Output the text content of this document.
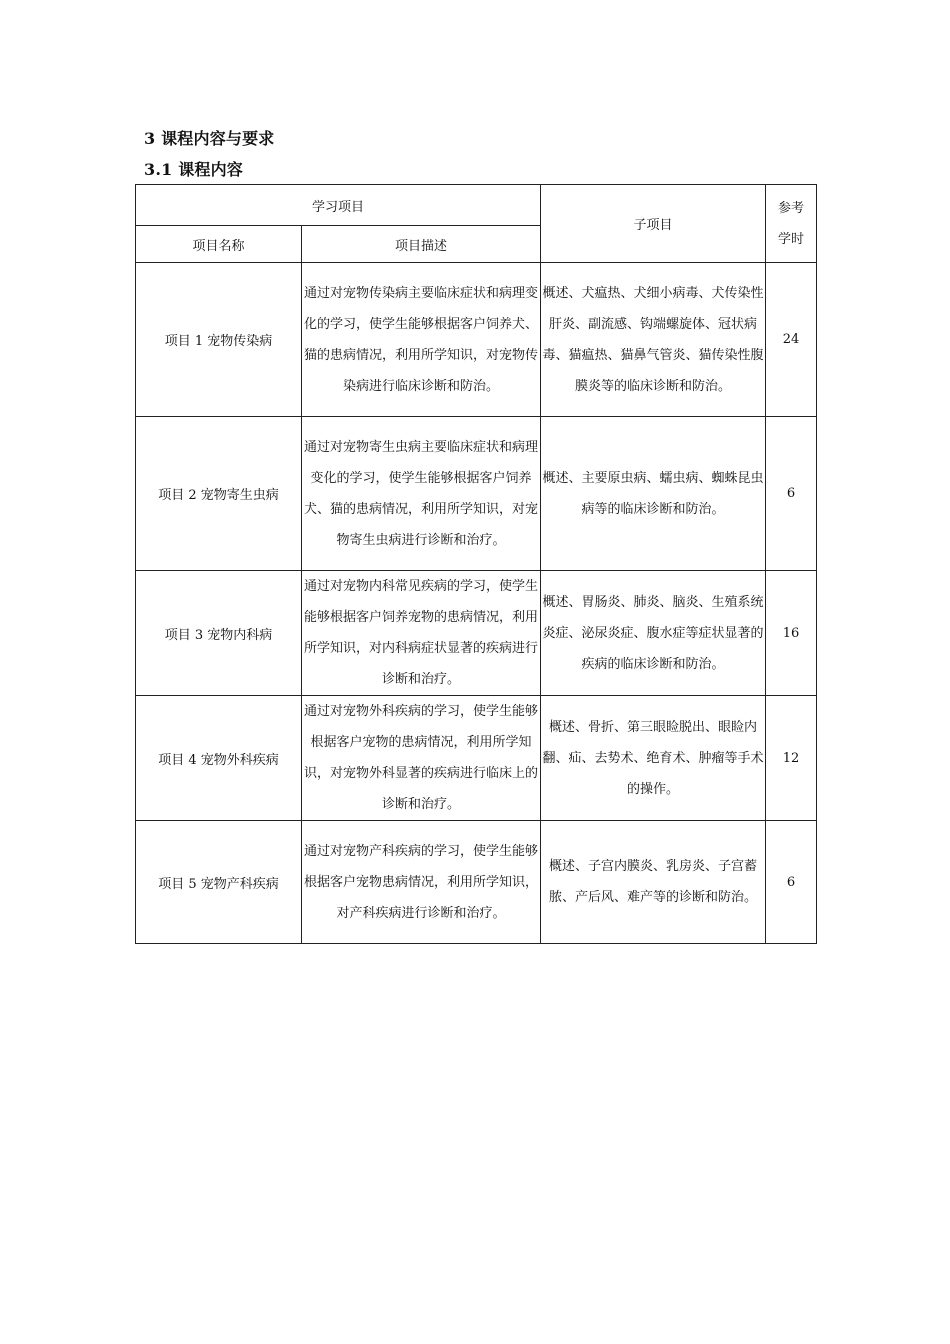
3 课程内容与要求
3.1 课程内容
学习项目		子项目	参考
学时

项目名称	项目描述		
项目 1 宠物传染病	通过对宠物传染病主要临床症状和病理变化的学习，使学生能够根据客户饲养犬、猫的患病情况，利用所学知识，对宠物传染病进行临床诊断和防治。	概述、犬瘟热、犬细小病毒、犬传染性肝炎、副流感、钩端螺旋体、冠状病毒、猫瘟热、猫鼻气管炎、猫传染性腹膜炎等的临床诊断和防治。	24
项目 2 宠物寄生虫病	通过对宠物寄生虫病主要临床症状和病理变化的学习，使学生能够根据客户饲养犬、猫的患病情况，利用所学知识，对宠物寄生虫病进行诊断和治疗。	概述、主要原虫病、蠕虫病、蜘蛛昆虫病等的临床诊断和防治。	6
项目 3 宠物内科病	通过对宠物内科常见疾病的学习，使学生能够根据客户饲养宠物的患病情况，利用所学知识，对内科病症状显著的疾病进行诊断和治疗。	概述、胃肠炎、肺炎、脑炎、生殖系统炎症、泌尿炎症、腹水症等症状显著的疾病的临床诊断和防治。	16
项目 4 宠物外科疾病	通过对宠物外科疾病的学习，使学生能够根据客户宠物的患病情况，利用所学知识，对宠物外科显著的疾病进行临床上的诊断和治疗。	概述、骨折、第三眼睑脱出、眼睑内翻、疝、去势术、绝育术、肿瘤等手术的操作。	12
项目 5 宠物产科疾病	通过对宠物产科疾病的学习，使学生能够根据客户宠物患病情况，利用所学知识，对产科疾病进行诊断和治疗。	概述、子宫内膜炎、乳房炎、子宫蓄脓、产后风、难产等的诊断和防治。	6
